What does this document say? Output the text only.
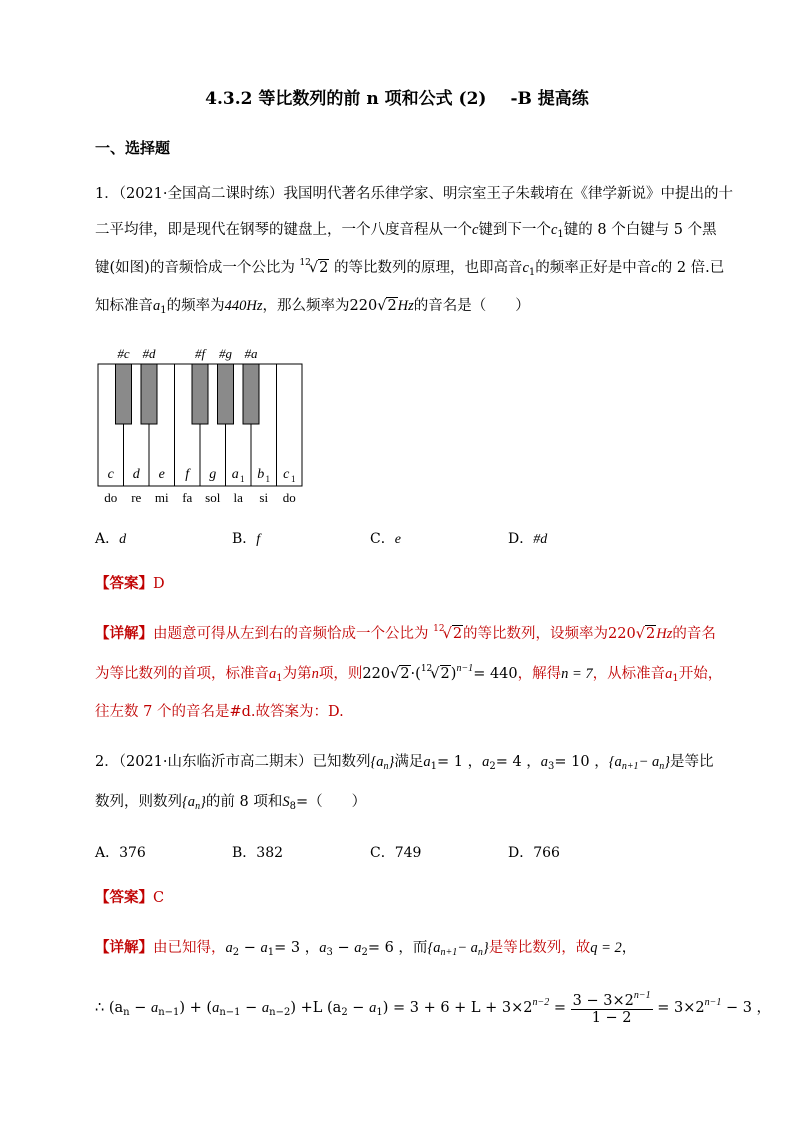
4.3.2 等比数列的前 n 项和公式 (2) -B 提高练
一、选择题
1．（2021·全国高二课时练）我国明代著名乐律学家、明宗室王子朱载堉在《律学新说》中提出的十
二平均律，即是现代在钢琴的键盘上，一个八度音程从一个c键到下一个$c_1$键的 8 个白键与 5 个黑
键(如图)的音频恰成一个公比为 $^{12}$√2 的等比数列的原理，也即高音$c_1$的频率正好是中音c的 2 倍.已
知标准音$a_1$的频率为440Hz，那么频率为220√2Hz的音名是（　　）
c
do
d
re
e
mi
f
fa
g
sol
a 1
la
b 1
si
c 1
do
#c #d	#f #g #a
A．d	B．f	C．e	D．#d
【答案】D
【详解】由题意可得从左到右的音频恰成一个公比为 $^{12}$√2的等比数列，设频率为220√2Hz的音名
为等比数列的首项，标准音$a_1$为第n项，则$220√2\cdot(^{12}√2)^{n-1}= 440$，解得n = 7，从标准音$a_1$开始，
往左数 7 个的音名是#d.故答案为：D.
2．（2021·山东临沂市高二期末）已知数列$\{a_n\}$满足$a_1= 1$ ，$a_2= 4$ ，$a_3= 10$ ，$\{a_{n+1}- a_n\}$是等比
数列，则数列$\{a_n\}$的前 8 项和$S_8=$（　　）
A．376	B．382	C．749	D．766
【答案】C
【详解】由已知得，$a_2 - a_1= 3$ ，$a_3 - a_2= 6$ ，而$\{a_{n+1}- a_n\}$是等比数列，故q = 2，
∴ $(a_n - a_{n-1}) + (a_{n-1} - a_{n-2}) +L$ $(a_2 - a_1) = 3 + 6 + L + 3\times 2^{n-2} = \frac{3 - 3\times 2^{n-1}}{1 - 2} = 3\times 2^{n-1} - 3$ ，
